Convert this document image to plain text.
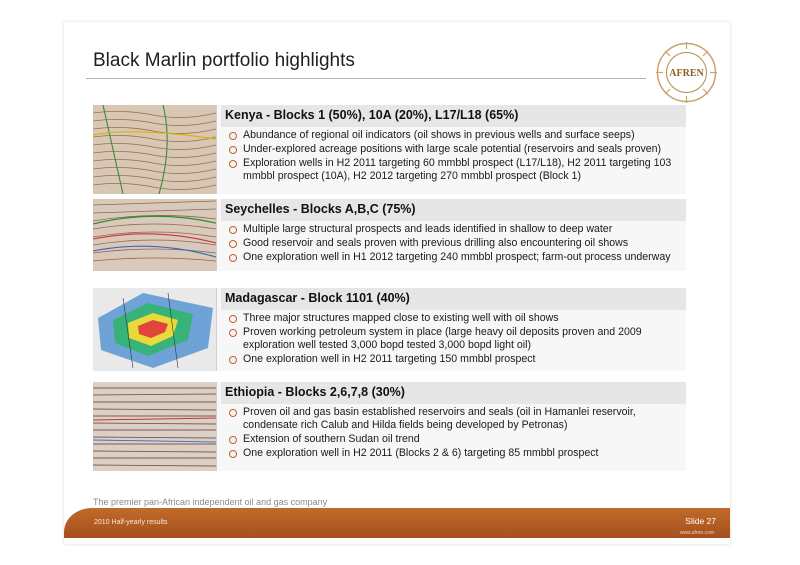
Black Marlin portfolio highlights
AFREN
Kenya - Blocks 1 (50%), 10A (20%), L17/L18 (65%)
Abundance of regional oil indicators (oil shows in previous wells and surface seeps)
Under-explored acreage positions with large scale potential (reservoirs and seals proven)
Exploration wells in H2 2011 targeting 60 mmbbl prospect (L17/L18), H2 2011 targeting 103 mmbbl prospect (10A), H2 2012 targeting 270 mmbbl prospect (Block 1)
Seychelles - Blocks A,B,C (75%)
Multiple large structural prospects and leads identified in shallow to deep water
Good reservoir and seals proven with previous drilling also encountering oil shows
One exploration well in H1 2012 targeting 240 mmbbl prospect; farm-out process underway
Madagascar - Block 1101 (40%)
Three major structures mapped close to existing well with oil shows
Proven working petroleum system in place (large heavy oil deposits proven and 2009 exploration well tested 3,000 bopd tested 3,000 bopd light oil)
One exploration well in H2 2011 targeting 150 mmbbl prospect
Ethiopia - Blocks 2,6,7,8 (30%)
Proven oil and gas basin established reservoirs and seals (oil in Hamanlei reservoir, condensate rich Calub and Hilda fields being developed by Petronas)
Extension of southern Sudan oil trend
One exploration well in H2 2011 (Blocks 2 & 6) targeting 85 mmbbl prospect
The premier pan-African independent oil and gas company
2010 Half-yearly results	Slide 27
www.afren.com
